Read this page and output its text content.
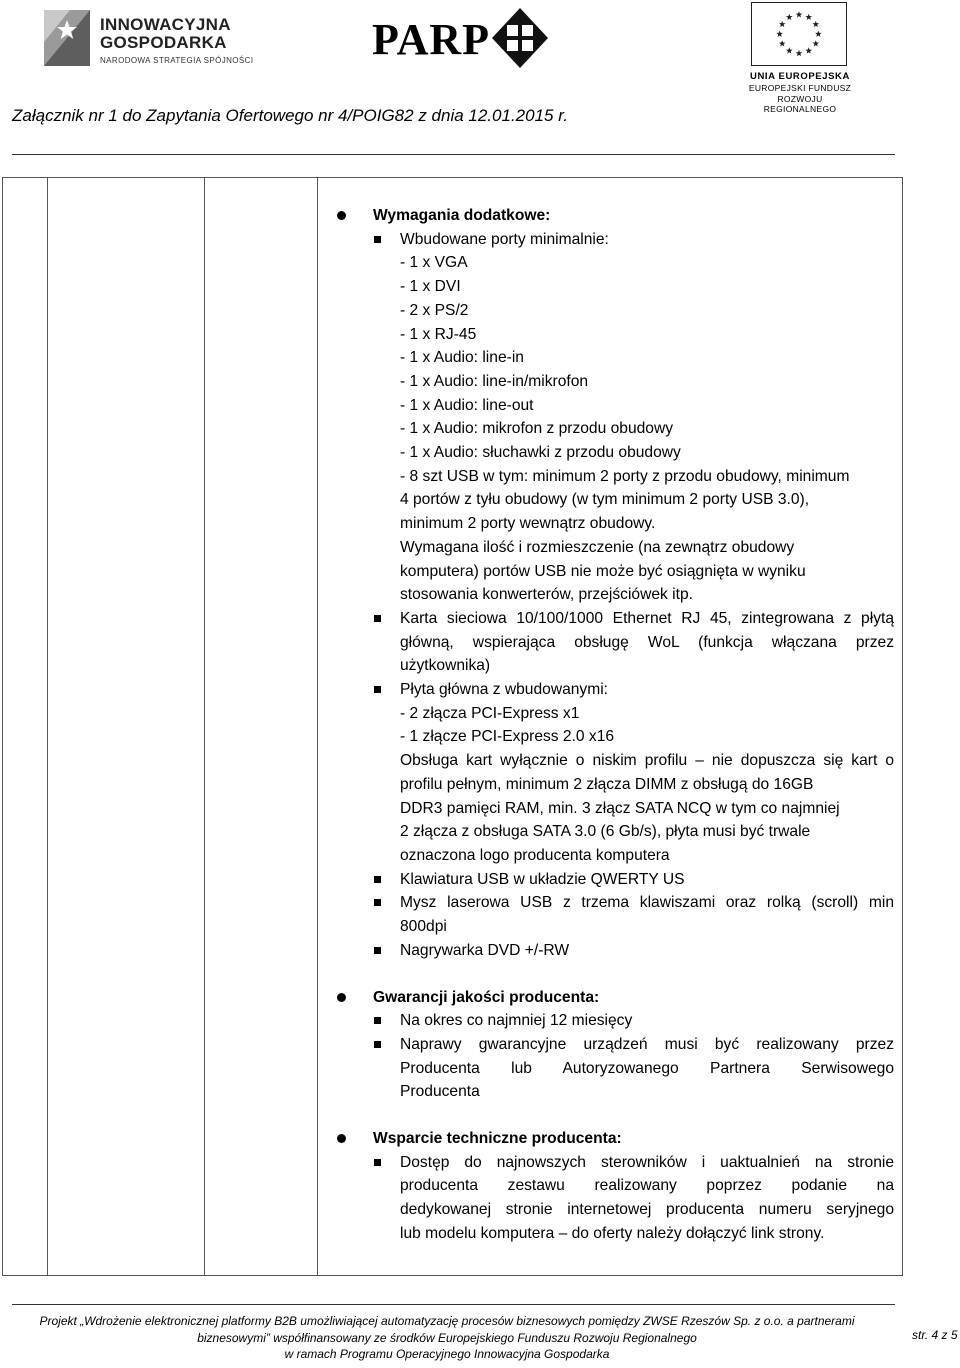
INNOWACYJNA
GOSPODARKA
NARODOWA STRATEGIA SPÓJNOŚCI	PARP
UNIA EUROPEJSKA
EUROPEJSKI FUNDUSZ
ROZWOJU REGIONALNEGO
Załącznik nr 1 do Zapytania Ofertowego nr 4/POIG82 z dnia 12.01.2015 r.
Wymagania dodatkowe:
Wbudowane porty minimalnie:
- 1 x VGA
- 1 x DVI
- 2 x PS/2
- 1 x RJ-45
- 1 x Audio: line-in
- 1 x Audio: line-in/mikrofon
- 1 x Audio: line-out
- 1 x Audio: mikrofon z przodu obudowy
- 1 x Audio: słuchawki z przodu obudowy
- 8 szt USB w tym: minimum 2 porty z przodu obudowy, minimum
4 portów z tyłu obudowy (w tym minimum 2 porty USB 3.0),
minimum 2 porty wewnątrz obudowy.
Wymagana ilość i rozmieszczenie (na zewnątrz obudowy
komputera) portów USB nie może być osiągnięta w wyniku
stosowania konwerterów, przejściówek itp.
Karta sieciowa 10/100/1000 Ethernet RJ 45, zintegrowana z płytą
główną, wspierająca obsługę WoL (funkcja włączana przez
użytkownika)
Płyta główna z wbudowanymi:
- 2 złącza PCI-Express x1
- 1 złącze PCI-Express 2.0 x16
Obsługa kart wyłącznie o niskim profilu – nie dopuszcza się kart o
profilu pełnym, minimum 2 złącza DIMM z obsługą do 16GB
DDR3 pamięci RAM, min. 3 złącz SATA NCQ w tym co najmniej
2 złącza z obsługa SATA 3.0 (6 Gb/s), płyta musi być trwale
oznaczona logo producenta komputera
Klawiatura USB w układzie QWERTY US
Mysz laserowa USB z trzema klawiszami oraz rolką (scroll) min
800dpi
Nagrywarka DVD +/-RW
Gwarancji jakości producenta:
Na okres co najmniej 12 miesięcy
Naprawy gwarancyjne urządzeń musi być realizowany przez
Producenta lub Autoryzowanego Partnera Serwisowego
Producenta
Wsparcie techniczne producenta:
Dostęp do najnowszych sterowników i uaktualnień na stronie
producenta zestawu realizowany poprzez podanie na
dedykowanej stronie internetowej producenta numeru seryjnego
lub modelu komputera – do oferty należy dołączyć link strony.
Projekt „Wdrożenie elektronicznej platformy B2B umożliwiającej automatyzację procesów biznesowych pomiędzy ZWSE Rzeszów Sp. z o.o. a partnerami
biznesowymi” współfinansowany ze środków Europejskiego Funduszu Rozwoju Regionalnego
w ramach Programu Operacyjnego Innowacyjna Gospodarka
str. 4 z 5
